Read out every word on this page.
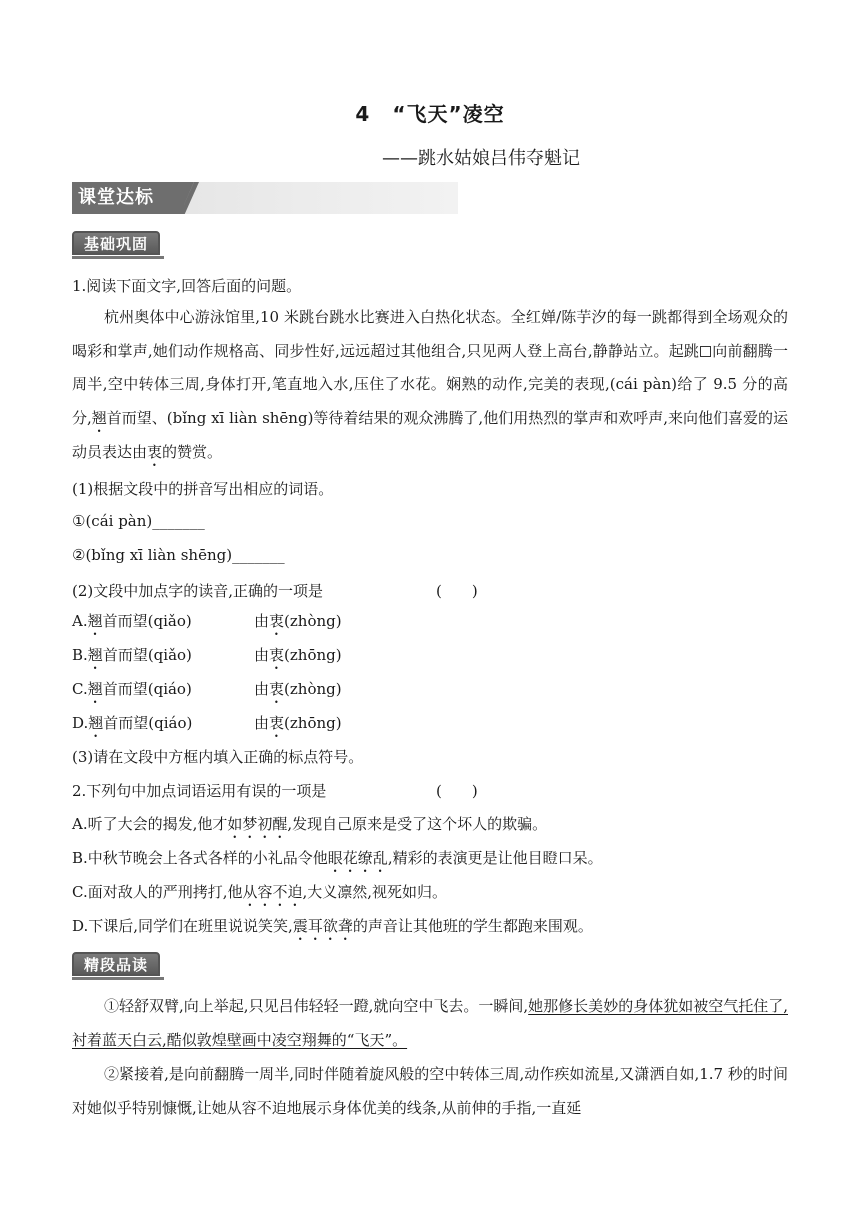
4 “飞天”凌空
——跳水姑娘吕伟夺魁记
课堂达标
基础巩固
1.阅读下面文字,回答后面的问题。
杭州奥体中心游泳馆里,10 米跳台跳水比赛进入白热化状态。全红婵/陈芋汐的每一跳都得到全场观众的喝彩和掌声,她们动作规格高、同步性好,远远超过其他组合,只见两人登上高台,静静站立。起跳 向前翻腾一周半,空中转体三周,身体打开,笔直地入水,压住了水花。娴熟的动作,完美的表现,(cái pàn)给了 9.5 分的高分,翘首而望、(bǐng xī liàn shēng)等待着结果的观众沸腾了,他们用热烈的掌声和欢呼声,来向他们喜爱的运动员表达由衷的赞赏。
(1)根据文段中的拼音写出相应的词语。
①(cái pàn)_______
②(bǐng xī liàn shēng)_______
(2)文段中加点字的读音,正确的一项是	(　　)
A.翘首而望(qiǎo)	由衷(zhòng)
B.翘首而望(qiǎo)	由衷(zhōng)
C.翘首而望(qiáo)	由衷(zhòng)
D.翘首而望(qiáo)	由衷(zhōng)
(3)请在文段中方框内填入正确的标点符号。
2.下列句中加点词语运用有误的一项是	(　　)
A.听了大会的揭发,他才如梦初醒,发现自己原来是受了这个坏人的欺骗。
B.中秋节晚会上各式各样的小礼品令他眼花缭乱,精彩的表演更是让他目瞪口呆。
C.面对敌人的严刑拷打,他从容不迫,大义凛然,视死如归。
D.下课后,同学们在班里说说笑笑,震耳欲聋的声音让其他班的学生都跑来围观。
精段品读
①轻舒双臂,向上举起,只见吕伟轻轻一蹬,就向空中飞去。一瞬间,她那修长美妙的身体犹如被空气托住了,衬着蓝天白云,酷似敦煌壁画中凌空翔舞的“飞天”。
②紧接着,是向前翻腾一周半,同时伴随着旋风般的空中转体三周,动作疾如流星,又潇洒自如,1.7 秒的时间对她似乎特别慷慨,让她从容不迫地展示身体优美的线条,从前伸的手指,一直延
